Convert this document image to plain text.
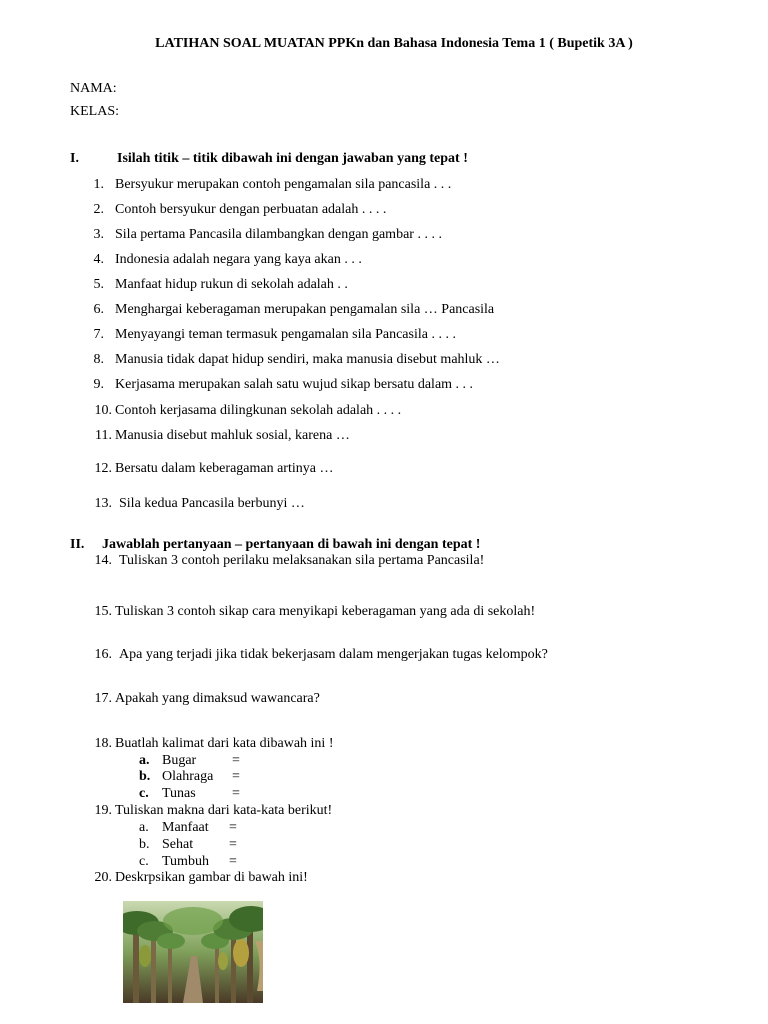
LATIHAN SOAL MUATAN PPKn dan Bahasa Indonesia Tema 1 ( Bupetik 3A )
NAMA:
KELAS:
I.	Isilah titik – titik dibawah ini dengan jawaban yang tepat !
1. Bersyukur merupakan contoh pengamalan sila pancasila . . .
2. Contoh bersyukur dengan perbuatan adalah . . . .
3. Sila pertama Pancasila dilambangkan dengan gambar . . . .
4. Indonesia adalah negara yang kaya akan . . .
5. Manfaat hidup rukun di sekolah adalah . .
6. Menghargai keberagaman merupakan pengamalan sila … Pancasila
7. Menyayangi teman termasuk pengamalan sila Pancasila . . . .
8. Manusia tidak dapat hidup sendiri, maka manusia disebut mahluk …
9. Kerjasama merupakan salah satu wujud sikap bersatu dalam . . .
10. Contoh kerjasama dilingkunan sekolah adalah . . . .
11. Manusia disebut mahluk sosial, karena …
12. Bersatu dalam keberagaman artinya …
13. Sila kedua Pancasila berbunyi …
II. Jawablah pertanyaan – pertanyaan di bawah ini dengan tepat !
14. Tuliskan 3 contoh perilaku melaksanakan sila pertama Pancasila!
15. Tuliskan 3 contoh sikap cara menyikapi keberagaman yang ada di sekolah!
16. Apa yang terjadi jika tidak bekerjasam dalam mengerjakan tugas kelompok?
17. Apakah yang dimaksud wawancara?
18. Buatlah kalimat dari kata dibawah ini !
a. Bugar	=
b. Olahraga =
c. Tunas	=
19. Tuliskan makna dari kata-kata berikut!
a. Manfaat =
b. Sehat	=
c. Tumbuh =
20. Deskrpsikan gambar di bawah ini!
